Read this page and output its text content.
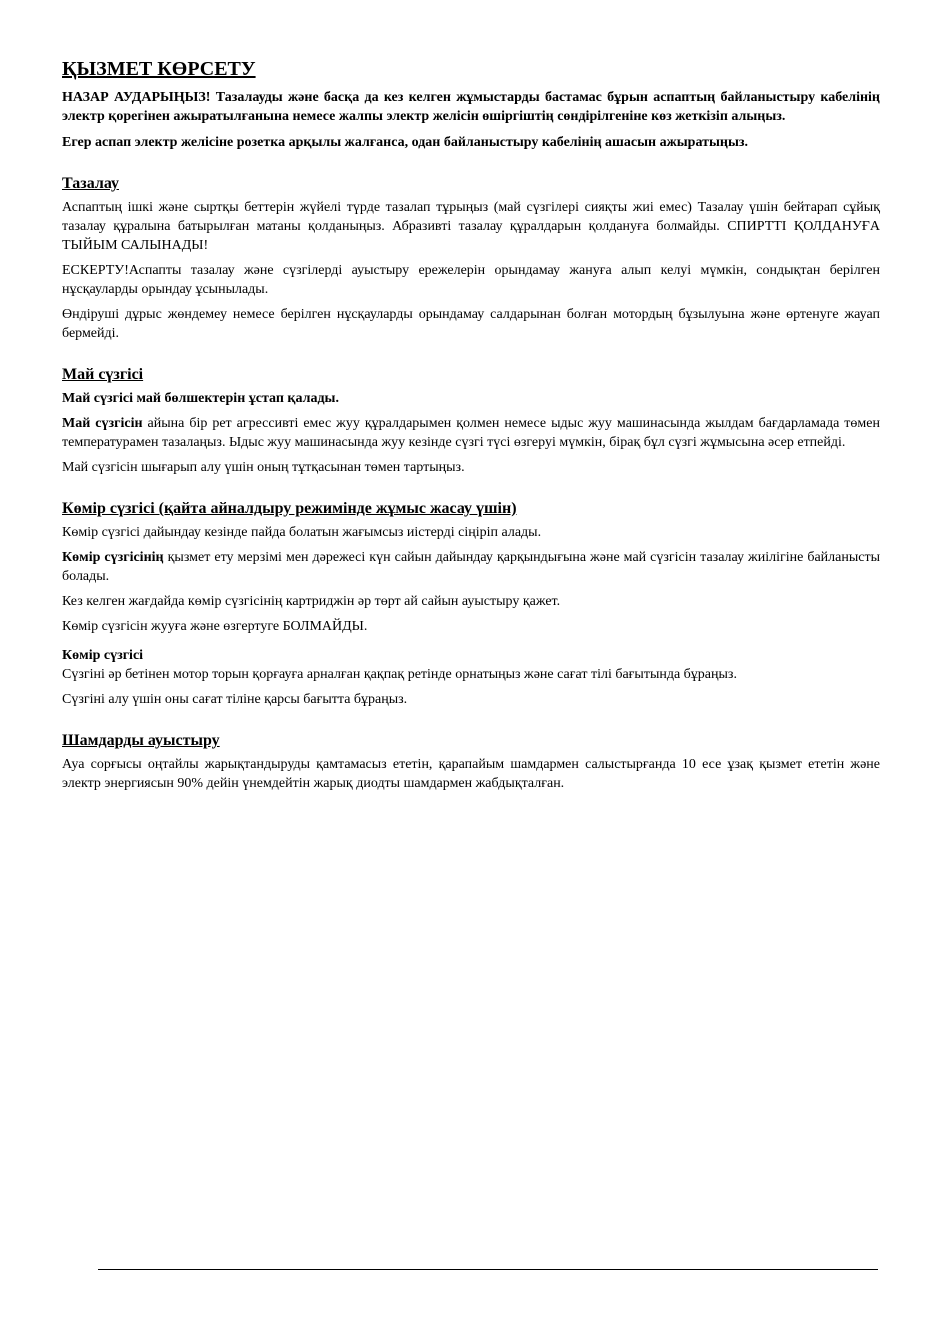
ҚЫЗМЕТ КӨРСЕТУ

НАЗАР АУДАРЫҢЫЗ! Тазалауды және басқа да кез келген жұмыстарды бастамас бұрын аспаптың байланыстыру кабелінің электр қорегінен ажыратылғанына немесе жалпы электр желісін өшіргіштің сөндірілгеніне көз жеткізіп алыңыз.

Егер аспап электр желісіне розетка арқылы жалғанса, одан байланыстыру кабелінің ашасын ажыратыңыз.

Тазалау

Аспаптың ішкі және сыртқы беттерін жүйелі түрде тазалап тұрыңыз (май сүзгілері сияқты жиі емес) Тазалау үшін бейтарап сұйық тазалау құралына батырылған матаны қолданыңыз. Абразивті тазалау құралдарын қолдануға болмайды. СПИРТТІ ҚОЛДАНУҒА ТЫЙЫМ САЛЫНАДЫ!

ЕСКЕРТУ!Аспапты тазалау және сүзгілерді ауыстыру ережелерін орындамау жануға алып келуі мүмкін, сондықтан берілген нұсқауларды орындау ұсынылады.

Өндіруші дұрыс жөндемеу немесе берілген нұсқауларды орындамау салдарынан болған мотордың бұзылуына және өртенуге жауап бермейді.

Май сүзгісі

Май сүзгісі май бөлшектерін ұстап қалады.

Май сүзгісін айына бір рет агрессивті емес жуу құралдарымен қолмен немесе ыдыс жуу машинасында жылдам бағдарламада төмен температурамен тазалаңыз. Ыдыс жуу машинасында жуу кезінде сүзгі түсі өзгеруі мүмкін, бірақ бұл сүзгі жұмысына әсер етпейді.

Май сүзгісін шығарып алу үшін оның тұтқасынан төмен тартыңыз.

Көмір сүзгісі (қайта айналдыру режимінде жұмыс жасау үшін)

Көмір сүзгісі дайындау кезінде пайда болатын жағымсыз иістерді сіңіріп алады.

Көмір сүзгісінің қызмет ету мерзімі мен дәрежесі күн сайын дайындау қарқындығына және май сүзгісін тазалау жиілігіне байланысты болады.

Кез келген жағдайда көмір сүзгісінің картриджін әр төрт ай сайын ауыстыру қажет.

Көмір сүзгісін жууға және өзгертуге БОЛМАЙДЫ.

Көмір сүзгісі

Сүзгіні әр бетінен мотор торын қорғауға арналған қақпақ ретінде орнатыңыз және сағат тілі бағытында бұраңыз.

Сүзгіні алу үшін оны сағат тіліне қарсы бағытта бұраңыз.

Шамдарды ауыстыру

Ауа сорғысы оңтайлы жарықтандыруды қамтамасыз ететін, қарапайым шамдармен салыстырғанда 10 есе ұзақ қызмет ететін және электр энергиясын 90% дейін үнемдейтін жарық диодты шамдармен жабдықталған.
